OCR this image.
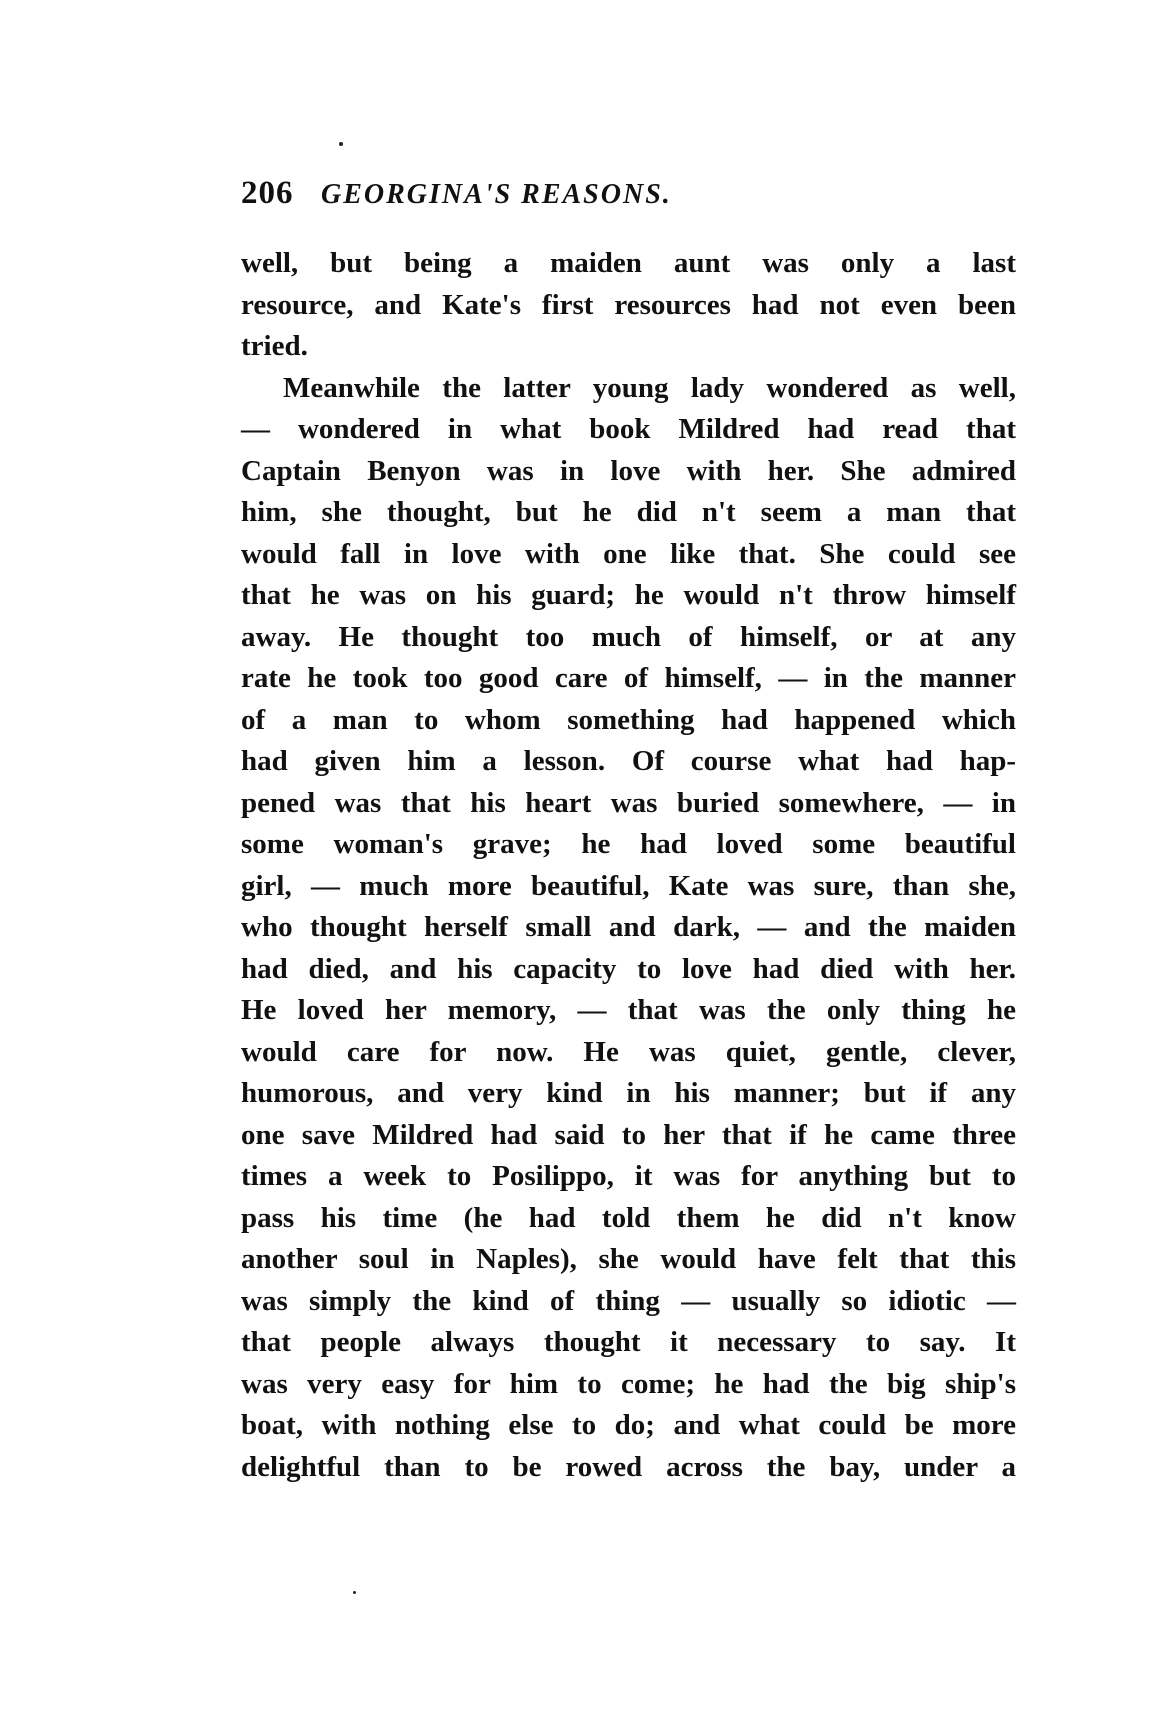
206 GEORGINA'S REASONS.
well, but being a maiden aunt was only a last
resource, and Kate's first resources had not even been
tried.
Meanwhile the latter young lady wondered as well,
— wondered in what book Mildred had read that
Captain Benyon was in love with her. She admired
him, she thought, but he did n't seem a man that
would fall in love with one like that. She could see
that he was on his guard; he would n't throw himself
away. He thought too much of himself, or at any
rate he took too good care of himself, — in the manner
of a man to whom something had happened which
had given him a lesson. Of course what had hap-
pened was that his heart was buried somewhere, — in
some woman's grave; he had loved some beautiful
girl, — much more beautiful, Kate was sure, than she,
who thought herself small and dark, — and the maiden
had died, and his capacity to love had died with her.
He loved her memory, — that was the only thing he
would care for now. He was quiet, gentle, clever,
humorous, and very kind in his manner; but if any
one save Mildred had said to her that if he came three
times a week to Posilippo, it was for anything but to
pass his time (he had told them he did n't know
another soul in Naples), she would have felt that this
was simply the kind of thing — usually so idiotic —
that people always thought it necessary to say. It
was very easy for him to come; he had the big ship's
boat, with nothing else to do; and what could be more
delightful than to be rowed across the bay, under a
